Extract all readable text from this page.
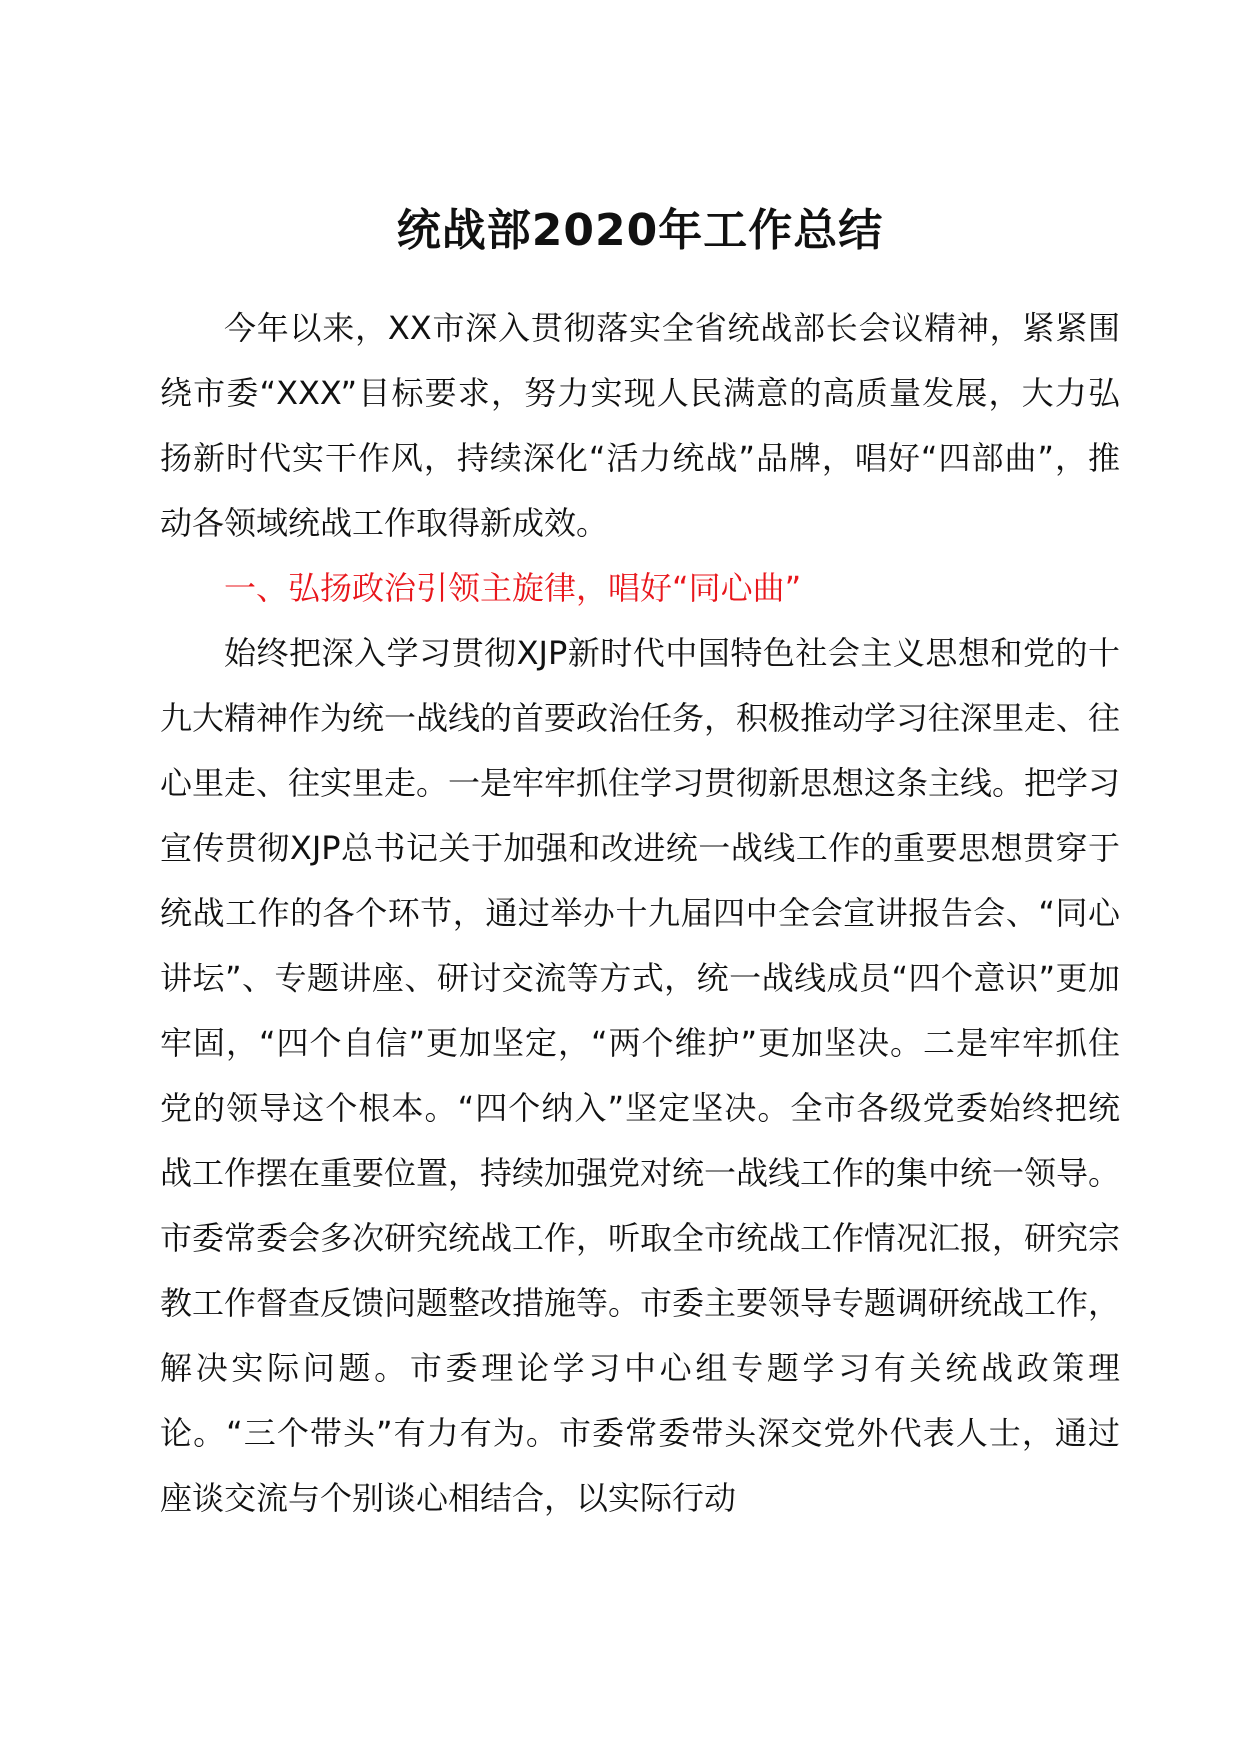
统战部2020年工作总结

今年以来，XX市深入贯彻落实全省统战部长会议精神，紧紧围绕市委“XXX”目标要求，努力实现人民满意的高质量发展，大力弘扬新时代实干作风，持续深化“活力统战”品牌，唱好“四部曲”，推动各领域统战工作取得新成效。

一、弘扬政治引领主旋律，唱好“同心曲”

始终把深入学习贯彻XJP新时代中国特色社会主义思想和党的十九大精神作为统一战线的首要政治任务，积极推动学习往深里走、往心里走、往实里走。一是牢牢抓住学习贯彻新思想这条主线。把学习宣传贯彻XJP总书记关于加强和改进统一战线工作的重要思想贯穿于统战工作的各个环节，通过举办十九届四中全会宣讲报告会、“同心讲坛”、专题讲座、研讨交流等方式，统一战线成员“四个意识”更加牢固，“四个自信”更加坚定，“两个维护”更加坚决。二是牢牢抓住党的领导这个根本。“四个纳入”坚定坚决。全市各级党委始终把统战工作摆在重要位置，持续加强党对统一战线工作的集中统一领导。市委常委会多次研究统战工作，听取全市统战工作情况汇报，研究宗教工作督查反馈问题整改措施等。市委主要领导专题调研统战工作，解决实际问题。市委理论学习中心组专题学习有关统战政策理论。“三个带头”有力有为。市委常委带头深交党外代表人士，通过座谈交流与个别谈心相结合，以实际行动
